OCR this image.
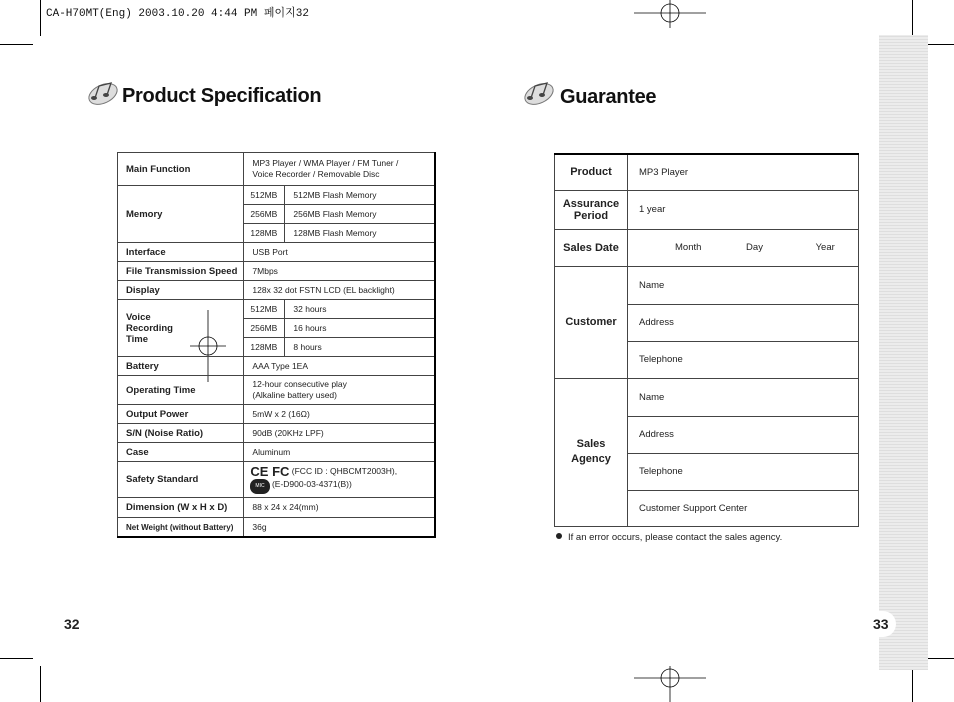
CA-H70MT(Eng) 2003.10.20 4:44 PM 페이지32
Product Specification
Main Function	MP3 Player / WMA Player / FM Tuner /
Voice Recorder / Removable Disc	
Memory	512MB	512MB Flash Memory
	256MB	256MB Flash Memory
	128MB	128MB Flash Memory
Interface	USB Port	
File Transmission Speed	7Mbps	
Display	128x 32 dot FSTN LCD (EL backlight)	
Voice
Recording
Time	512MB	32 hours
	256MB	16 hours
	128MB	8 hours
Battery	AAA Type 1EA	
Operating Time	12-hour consecutive play
(Alkaline battery used)	
Output Power	5mW x 2 (16Ω)	
S/N (Noise Ratio)	90dB (20KHz LPF)	
Case	Aluminum	
Safety Standard	CE FC (FCC ID : QHBCMT2003H),
MIC (E-D900-03-4371(B))	

Dimension (W x H x D)	88 x 24 x 24(mm)	
Net Weight (without Battery)	36g	
32
Guarantee
Product	MP3 Player
Assurance
Period	1 year
Sales Date	Month Day Year
Customer	Name
	Address
	Telephone
Sales
Agency	Name
	Address
	Telephone
	Customer Support Center
If an error occurs, please contact the sales agency.
33
